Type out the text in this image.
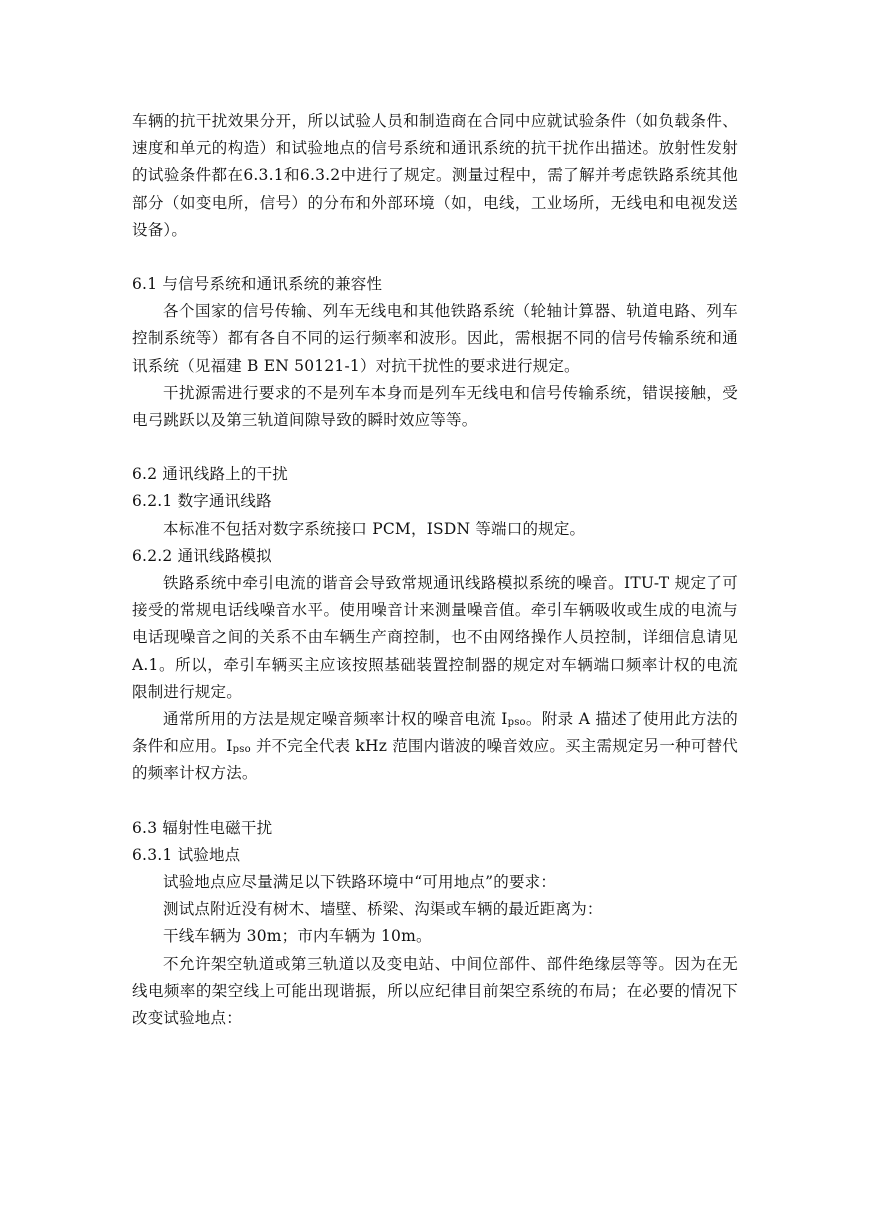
车辆的抗干扰效果分开，所以试验人员和制造商在合同中应就试验条件（如负载条件、速度和单元的构造）和试验地点的信号系统和通讯系统的抗干扰作出描述。放射性发射的试验条件都在6.3.1和6.3.2中进行了规定。测量过程中，需了解并考虑铁路系统其他部分（如变电所，信号）的分布和外部环境（如，电线，工业场所，无线电和电视发送设备）。

6.1 与信号系统和通讯系统的兼容性

各个国家的信号传输、列车无线电和其他铁路系统（轮轴计算器、轨道电路、列车控制系统等）都有各自不同的运行频率和波形。因此，需根据不同的信号传输系统和通讯系统（见福建 B EN 50121-1）对抗干扰性的要求进行规定。

干扰源需进行要求的不是列车本身而是列车无线电和信号传输系统，错误接触，受电弓跳跃以及第三轨道间隙导致的瞬时效应等等。

6.2 通讯线路上的干扰

6.2.1 数字通讯线路

本标准不包括对数字系统接口 PCM，ISDN 等端口的规定。

6.2.2 通讯线路模拟

铁路系统中牵引电流的谐音会导致常规通讯线路模拟系统的噪音。ITU-T 规定了可接受的常规电话线噪音水平。使用噪音计来测量噪音值。牵引车辆吸收或生成的电流与电话现噪音之间的关系不由车辆生产商控制，也不由网络操作人员控制，详细信息请见 A.1。所以，牵引车辆买主应该按照基础装置控制器的规定对车辆端口频率计权的电流限制进行规定。

通常所用的方法是规定噪音频率计权的噪音电流 $I_{pso}$。附录 A 描述了使用此方法的条件和应用。$I_{pso}$ 并不完全代表 kHz 范围内谐波的噪音效应。买主需规定另一种可替代的频率计权方法。

6.3 辐射性电磁干扰

6.3.1 试验地点

试验地点应尽量满足以下铁路环境中“可用地点”的要求：

测试点附近没有树木、墙壁、桥梁、沟渠或车辆的最近距离为：

干线车辆为 30m；市内车辆为 10m。

不允许架空轨道或第三轨道以及变电站、中间位部件、部件绝缘层等等。因为在无线电频率的架空线上可能出现谐振，所以应纪律目前架空系统的布局；在必要的情况下改变试验地点：
